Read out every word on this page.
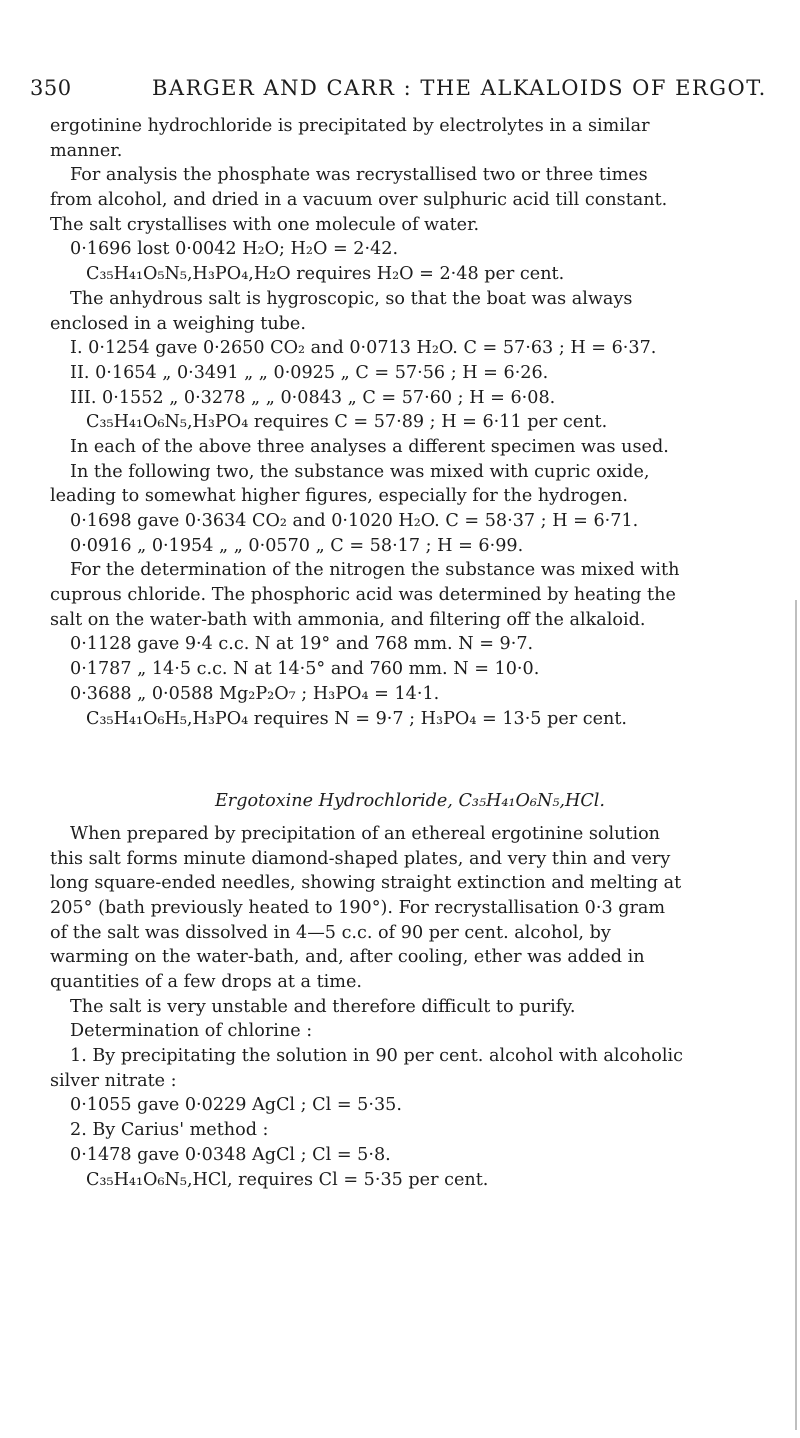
350	BARGER AND CARR : THE ALKALOIDS OF ERGOT.
ergotinine hydrochloride is precipitated by electrolytes in a similar
manner.
For analysis the phosphate was recrystallised two or three times
from alcohol, and dried in a vacuum over sulphuric acid till constant.
The salt crystallises with one molecule of water.
0·1696 lost 0·0042 H₂O; H₂O = 2·42.
C₃₅H₄₁O₅N₅,H₃PO₄,H₂O requires H₂O = 2·48 per cent.
The anhydrous salt is hygroscopic, so that the boat was always
enclosed in a weighing tube.
I. 0·1254 gave 0·2650 CO₂ and 0·0713 H₂O. C = 57·63 ; H = 6·37.
II. 0·1654 „ 0·3491 „ „ 0·0925 „ C = 57·56 ; H = 6·26.
III. 0·1552 „ 0·3278 „ „ 0·0843 „ C = 57·60 ; H = 6·08.
C₃₅H₄₁O₆N₅,H₃PO₄ requires C = 57·89 ; H = 6·11 per cent.
In each of the above three analyses a different specimen was used.
In the following two, the substance was mixed with cupric oxide,
leading to somewhat higher figures, especially for the hydrogen.
0·1698 gave 0·3634 CO₂ and 0·1020 H₂O. C = 58·37 ; H = 6·71.
0·0916 „ 0·1954 „ „ 0·0570 „ C = 58·17 ; H = 6·99.
For the determination of the nitrogen the substance was mixed with
cuprous chloride. The phosphoric acid was determined by heating the
salt on the water-bath with ammonia, and filtering off the alkaloid.
0·1128 gave 9·4 c.c. N at 19° and 768 mm. N = 9·7.
0·1787 „ 14·5 c.c. N at 14·5° and 760 mm. N = 10·0.
0·3688 „ 0·0588 Mg₂P₂O₇ ; H₃PO₄ = 14·1.
C₃₅H₄₁O₆H₅,H₃PO₄ requires N = 9·7 ; H₃PO₄ = 13·5 per cent.
Ergotoxine Hydrochloride, C₃₅H₄₁O₆N₅,HCl.
When prepared by precipitation of an ethereal ergotinine solution
this salt forms minute diamond-shaped plates, and very thin and very
long square-ended needles, showing straight extinction and melting at
205° (bath previously heated to 190°). For recrystallisation 0·3 gram
of the salt was dissolved in 4—5 c.c. of 90 per cent. alcohol, by
warming on the water-bath, and, after cooling, ether was added in
quantities of a few drops at a time.
The salt is very unstable and therefore difficult to purify.
Determination of chlorine :
1. By precipitating the solution in 90 per cent. alcohol with alcoholic
silver nitrate :
0·1055 gave 0·0229 AgCl ; Cl = 5·35.
2. By Carius' method :
0·1478 gave 0·0348 AgCl ; Cl = 5·8.
C₃₅H₄₁O₆N₅,HCl, requires Cl = 5·35 per cent.
